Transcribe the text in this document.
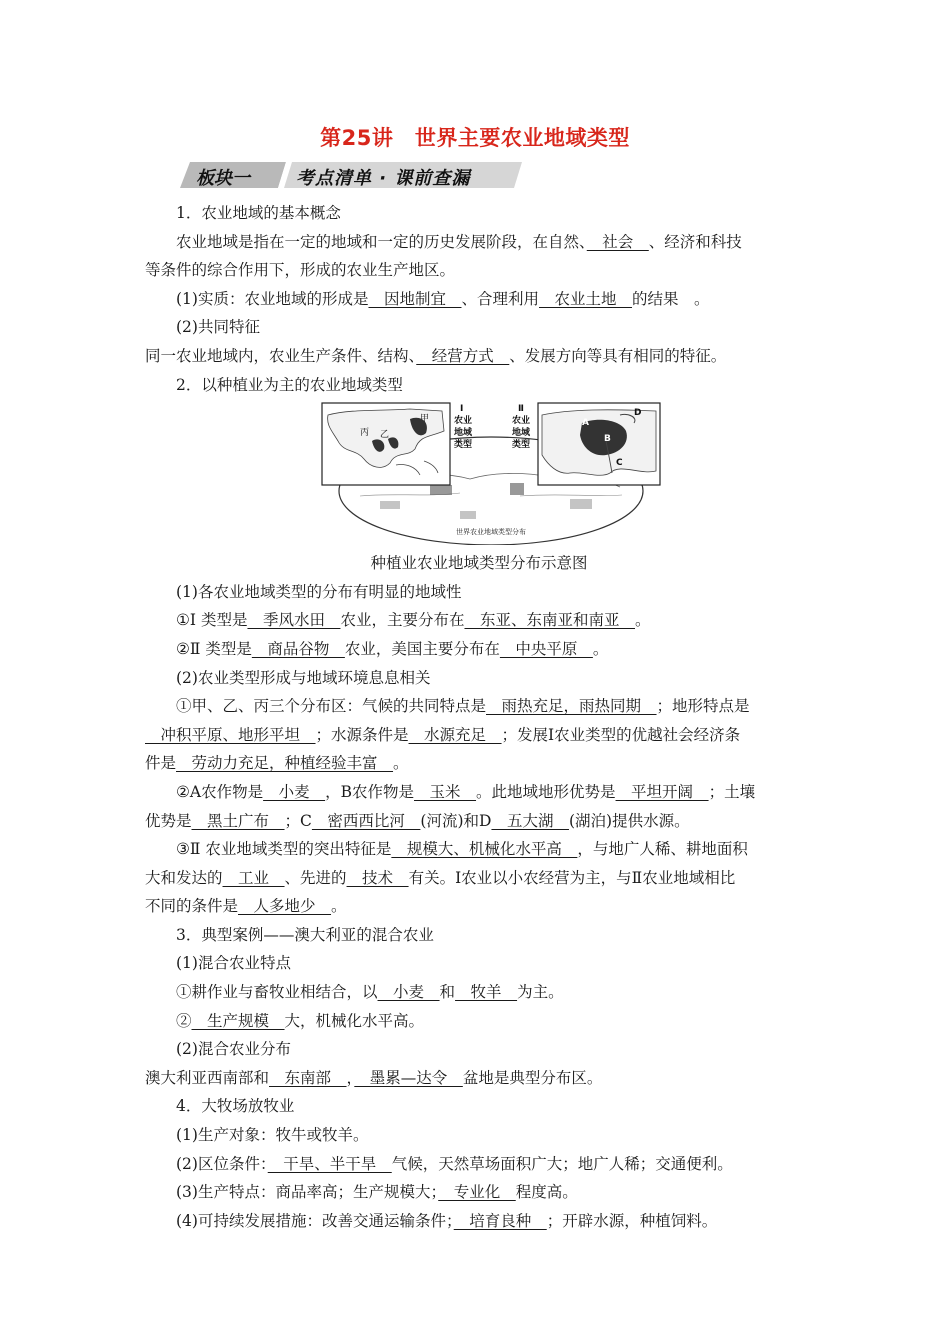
第25讲　世界主要农业地域类型
板块一	考点清单 · 课前查漏
1．农业地域的基本概念
农业地域是指在一定的地域和一定的历史发展阶段，在自然、　社会　、经济和科技
等条件的综合作用下，形成的农业生产地区。
(1)实质：农业地域的形成是　因地制宜　、合理利用　农业土地　的结果　。
(2)共同特征
同一农业地域内，农业生产条件、结构、　经营方式　、发展方向等具有相同的特征。
2．以种植业为主的农业地域类型
世界农业地域类型分布
甲
乙
丙
Ⅰ
农业
地域
类型
Ⅱ
农业
地域
类型
A
B
C
D
种植业农业地域类型分布示意图
(1)各农业地域类型的分布有明显的地域性
①Ⅰ 类型是　季风水田　农业，主要分布在　东亚、东南亚和南亚　。
②Ⅱ 类型是　商品谷物　农业，美国主要分布在　中央平原　。
(2)农业类型形成与地域环境息息相关
①甲、乙、丙三个分布区：气候的共同特点是　雨热充足，雨热同期　；地形特点是
　冲积平原、地形平坦　；水源条件是　水源充足　；发展Ⅰ农业类型的优越社会经济条
件是　劳动力充足，种植经验丰富　。
②A农作物是　小麦　，B农作物是　玉米　。此地域地形优势是　平坦开阔　；土壤
优势是　黑土广布　；C　密西西比河　(河流)和D　五大湖　(湖泊)提供水源。
③Ⅱ 农业地域类型的突出特征是　规模大、机械化水平高　，与地广人稀、耕地面积
大和发达的　工业　、先进的　技术　有关。Ⅰ农业以小农经营为主，与Ⅱ农业地域相比
不同的条件是　人多地少　。
3．典型案例——澳大利亚的混合农业
(1)混合农业特点
①耕作业与畜牧业相结合，以　小麦　和　牧羊　为主。
②　生产规模　大，机械化水平高。
(2)混合农业分布
澳大利亚西南部和　东南部　，　墨累—达令　盆地是典型分布区。
4．大牧场放牧业
(1)生产对象：牧牛或牧羊。
(2)区位条件：　干旱、半干旱　气候，天然草场面积广大；地广人稀；交通便利。
(3)生产特点：商品率高；生产规模大；　专业化　程度高。
(4)可持续发展措施：改善交通运输条件；　培育良种　；开辟水源，种植饲料。
